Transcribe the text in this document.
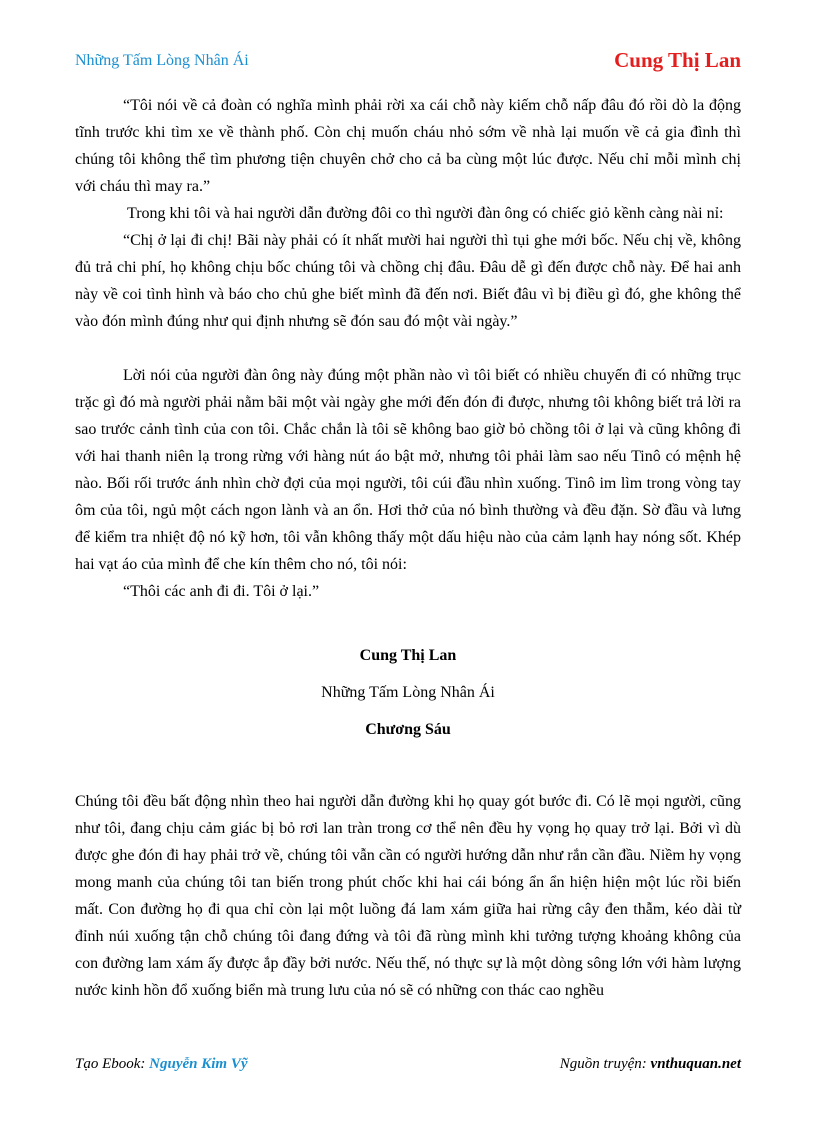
Những Tấm Lòng Nhân Ái	Cung Thị Lan

“Tôi nói về cả đoàn có nghĩa mình phải rời xa cái chỗ này kiếm chỗ nấp đâu đó rồi dò la động tĩnh trước khi tìm xe về thành phố. Còn chị muốn cháu nhỏ sớm về nhà lại muốn về cả gia đình thì chúng tôi không thể tìm phương tiện chuyên chở cho cả ba cùng một lúc được. Nếu chỉ mỗi mình chị với cháu thì may ra.”

Trong khi tôi và hai người dẫn đường đôi co thì người đàn ông có chiếc giỏ kềnh càng nài nỉ:

“Chị ở lại đi chị! Bãi này phải có ít nhất mười hai người thì tụi ghe mới bốc. Nếu chị về, không đủ trả chi phí, họ không chịu bốc chúng tôi và chồng chị đâu. Đâu dễ gì đến được chỗ này. Để hai anh này về coi tình hình và báo cho chủ ghe biết mình đã đến nơi. Biết đâu vì bị điều gì đó, ghe không thể vào đón mình đúng như qui định nhưng sẽ đón sau đó một vài ngày.”

Lời nói của người đàn ông này đúng một phần nào vì tôi biết có nhiều chuyến đi có những trục trặc gì đó mà người phải nằm bãi một vài ngày ghe mới đến đón đi được, nhưng tôi không biết trả lời ra sao trước cảnh tình của con tôi. Chắc chắn là tôi sẽ không bao giờ bỏ chồng tôi ở lại và cũng không đi với hai thanh niên lạ trong rừng với hàng nút áo bật mở, nhưng tôi phải làm sao nếu Tinô có mệnh hệ nào. Bối rối trước ánh nhìn chờ đợi của mọi người, tôi cúi đầu nhìn xuống. Tinô im lìm trong vòng tay ôm của tôi, ngủ một cách ngon lành và an ổn. Hơi thở của nó bình thường và đều đặn. Sờ đầu và lưng để kiểm tra nhiệt độ nó kỹ hơn, tôi vẫn không thấy một dấu hiệu nào của cảm lạnh hay nóng sốt. Khép hai vạt áo của mình để che kín thêm cho nó, tôi nói:

“Thôi các anh đi đi. Tôi ở lại.”

Cung Thị Lan

Những Tấm Lòng Nhân Ái

Chương Sáu

Chúng tôi đều bất động nhìn theo hai người dẫn đường khi họ quay gót bước đi. Có lẽ mọi người, cũng như tôi, đang chịu cảm giác bị bỏ rơi lan tràn trong cơ thể nên đều hy vọng họ quay trở lại. Bởi vì dù được ghe đón đi hay phải trở về, chúng tôi vẫn cần có người hướng dẫn như rắn cần đầu. Niềm hy vọng mong manh của chúng tôi tan biến trong phút chốc khi hai cái bóng ẩn ẩn hiện hiện một lúc rồi biến mất. Con đường họ đi qua chỉ còn lại một luồng đá lam xám giữa hai rừng cây đen thẫm, kéo dài từ đỉnh núi xuống tận chỗ chúng tôi đang đứng và tôi đã rùng mình khi tưởng tượng khoảng không của con đường lam xám ấy được ắp đầy bởi nước. Nếu thế, nó thực sự là một dòng sông lớn với hàm lượng nước kinh hồn đổ xuống biển mà trung lưu của nó sẽ có những con thác cao nghều

Tạo Ebook: Nguyễn Kim Vỹ	Nguồn truyện: vnthuquan.net
